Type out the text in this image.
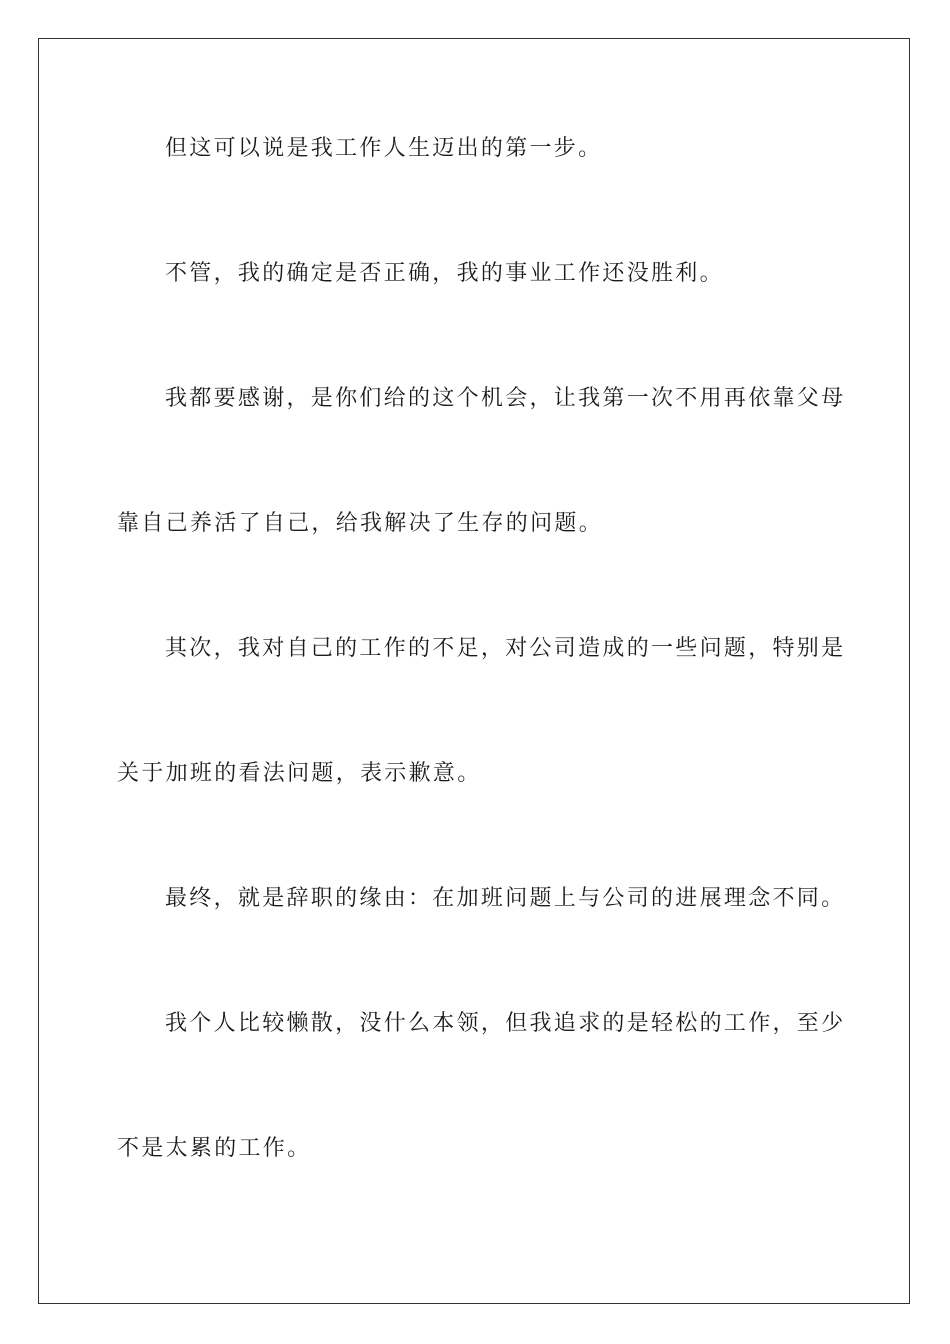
但这可以说是我工作人生迈出的第一步。
不管，我的确定是否正确，我的事业工作还没胜利。
我都要感谢，是你们给的这个机会，让我第一次不用再依靠父母
靠自己养活了自己，给我解决了生存的问题。
其次，我对自己的工作的不足，对公司造成的一些问题，特别是
关于加班的看法问题，表示歉意。
最终，就是辞职的缘由：在加班问题上与公司的进展理念不同。
我个人比较懒散，没什么本领，但我追求的是轻松的工作，至少
不是太累的工作。
